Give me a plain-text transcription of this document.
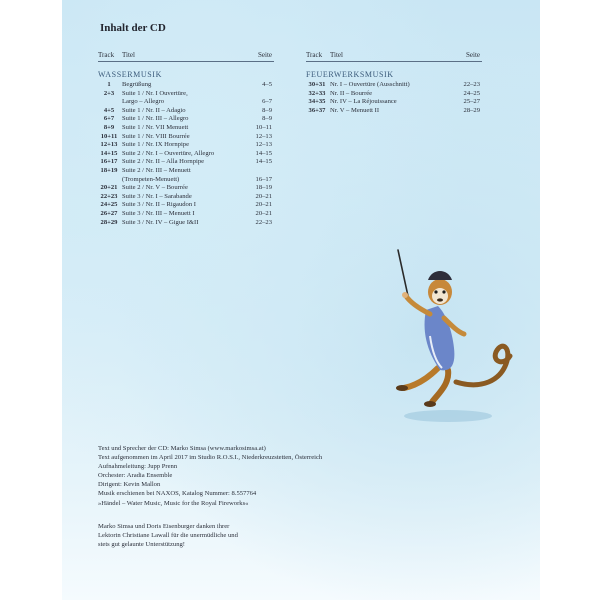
Inhalt der CD
Track Titel	Seite
WASSERMUSIK
1	Begrüßung	4–5
2+3	Suite 1 / Nr. I Ouvertüre,
Largo – Allegro	6–7
4+5	Suite 1 / Nr. II – Adagio	8–9
6+7	Suite 1 / Nr. III – Allegro	8–9
8+9	Suite 1 / Nr. VII Menuett	10–11
10+11 Suite 1 / Nr. VIII Bourrée	12–13
12+13 Suite 1 / Nr. IX Hornpipe	12–13
14+15 Suite 2 / Nr. I – Ouvertüre, Allegro	14–15
16+17 Suite 2 / Nr. II – Alla Hornpipe	14–15
18+19 Suite 2 / Nr. III – Menuett
(Trompeten-Menuett)	16–17
20+21 Suite 2 / Nr. V – Bourrée	18–19
22+23 Suite 3 / Nr. I – Sarabande	20–21
24+25 Suite 3 / Nr. II – Rigaudon I	20–21
26+27 Suite 3 / Nr. III – Menuett I	20–21
28+29 Suite 3 / Nr. IV – Gigue I&II	22–23
Track Titel	Seite
FEUERWERKSMUSIK
30+31 Nr. I – Ouvertüre (Ausschnitt)	22–23
32+33 Nr. II – Bourrée	24–25
34+35 Nr. IV – La Réjouissance	25–27
36+37 Nr. V – Menuett II	28–29
Text und Sprecher der CD: Marko Simsa (www.markosimsa.at)
Text aufgenommen im April 2017 im Studio R.O.S.I., Niederkreuzstetten, Österreich
Aufnahmeleitung: Jupp Prenn
Orchester: Aradia Ensemble
Dirigent: Kevin Mallon
Musik erschienen bei NAXOS, Katalog Nummer: 8.557764
»Händel – Water Music, Music for the Royal Fireworks«
Marko Simsa und Doris Eisenburger danken ihrer
Lektorin Christiane Lawall für die unermüdliche und
stets gut gelaunte Unterstützung!
